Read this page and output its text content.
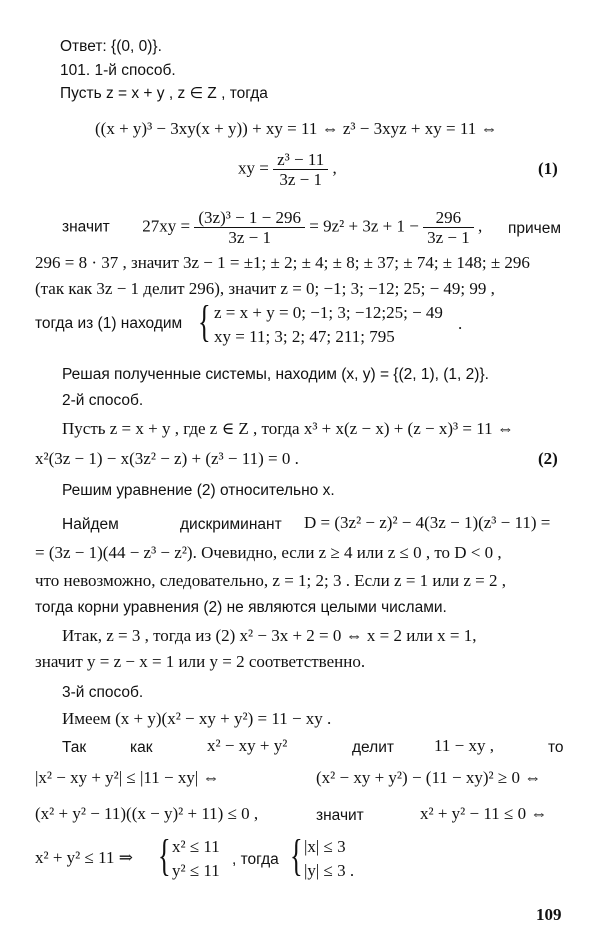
Ответ: {(0, 0)}.
101. 1-й способ.
Пусть z = x + y , z ∈ Z , тогда
((x + y)³ − 3xy(x + y)) + xy = 11 ⇔ z³ − 3xyz + xy = 11 ⇔
xy = $\frac{\text{z³ − 11}}{3z - 1}$ ,	(1)
значит $27xy = \frac{\text{(3z)³ − 1 − 296}}{3z - 1} = 9z^2 + 3z + 1 - \frac{296}{3z - 1}$ , причем
296 = 8 · 37 , значит 3z − 1 = ±1; ± 2; ± 4; ± 8; ± 37; ± 74; ± 148; ± 296
(так как 3z − 1 делит 296), значит z = 0; −1; 3; −12; 25; − 49; 99 ,
тогда из (1) находим { z = x + y = 0; −1; 3; −12;25; − 49
xy = 11; 3; 2; 47; 211; 795
.
Решая полученные системы, находим (x, y) = {(2, 1), (1, 2)}.
2-й способ.
Пусть z = x + y , где z ∈ Z , тогда x³ + x(z − x) + (z − x)³ = 11 ⇔
x²(3z − 1) − x(3z² − z) + (z³ − 11) = 0 .	(2)
Решим уравнение (2) относительно x.
Найдем	дискриминант D = (3z² − z)² − 4(3z − 1)(z³ − 11) =
= (3z − 1)(44 − z³ − z²). Очевидно, если z ≥ 4 или z ≤ 0 , то D < 0 ,
что невозможно, следовательно, z = 1; 2; 3 . Если z = 1 или z = 2 ,
тогда корни уравнения (2) не являются целыми числами.
Итак, z = 3 , тогда из (2) x² − 3x + 2 = 0 ⇔ x = 2 или x = 1,
значит y = z − x = 1 или y = 2 соответственно.
3-й способ.
Имеем (x + y)(x² − xy + y²) = 11 − xy .
Так	как	x² − xy + y²	делит 11 − xy ,	то
|x² − xy + y²| ≤ |11 − xy| ⇔	(x² − xy + y²) − (11 − xy)² ≥ 0 ⇔
(x² + y² − 11)((x − y)² + 11) ≤ 0 ,	значит	x² + y² − 11 ≤ 0 ⇔
x² + y² ≤ 11 ⇒ { x² ≤ 11
y² ≤ 11
, тогда { |x| ≤ 3
|y| ≤ 3 .
109
